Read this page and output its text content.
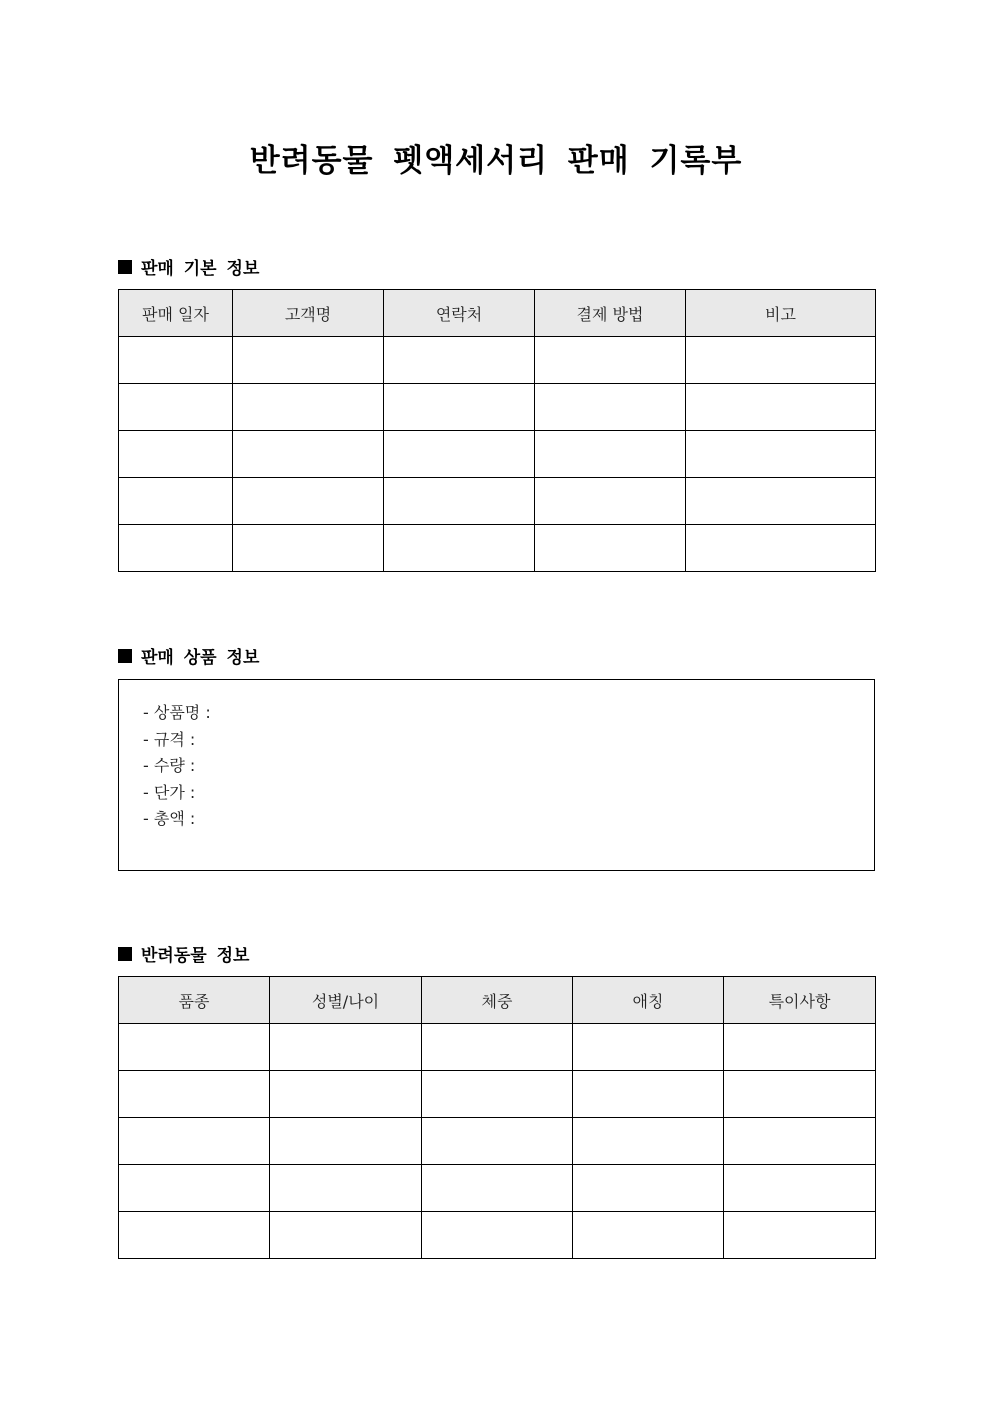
반려동물 펫액세서리 판매 기록부
판매 기본 정보
판매 일자	고객명	연락처	결제 방법	비고

판매 상품 정보
- 상품명 :
- 규격 :
- 수량 :
- 단가 :
- 총액 :
반려동물 정보
품종	성별/나이	체중	애칭	특이사항
